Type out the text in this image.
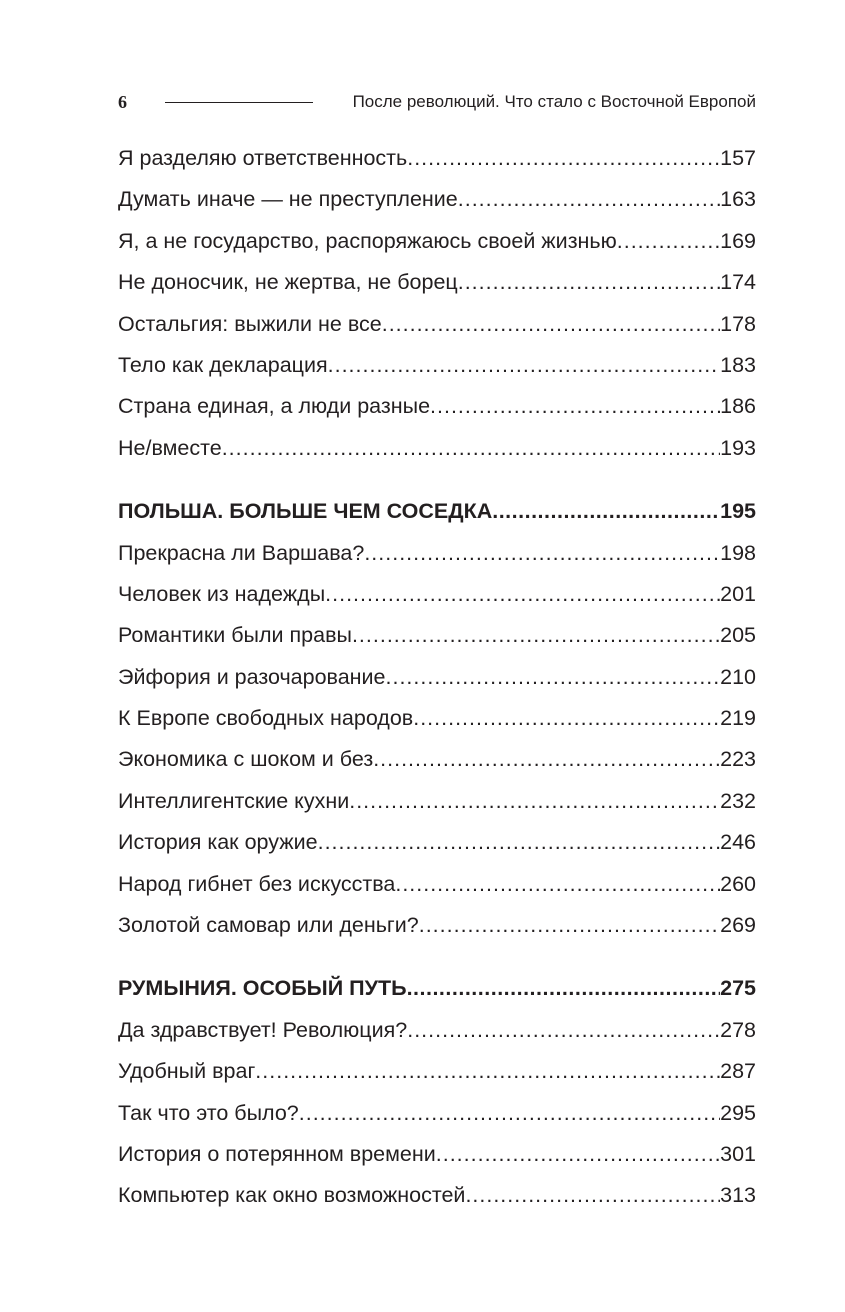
6	После революций. Что стало с Восточной Европой
Я разделяю ответственность .....	157
Думать иначе — не преступление .....	163
Я, а не государство, распоряжаюсь своей жизнью .....	169
Не доносчик, не жертва, не борец .....	174
Остальгия: выжили не все .....	178
Тело как декларация .....	183
Страна единая, а люди разные .....	186
Не/вместе .....	193
ПОЛЬША. БОЛЬШЕ ЧЕМ СОСЕДКА .....	195
Прекрасна ли Варшава? .....	198
Человек из надежды .....	201
Романтики были правы .....	205
Эйфория и разочарование .....	210
К Европе свободных народов .....	219
Экономика с шоком и без .....	223
Интеллигентские кухни .....	232
История как оружие .....	246
Народ гибнет без искусства .....	260
Золотой самовар или деньги? .....	269
РУМЫНИЯ. ОСОБЫЙ ПУТЬ .....	275
Да здравствует! Революция? .....	278
Удобный враг .....	287
Так что это было? .....	295
История о потерянном времени .....	301
Компьютер как окно возможностей .....	313
